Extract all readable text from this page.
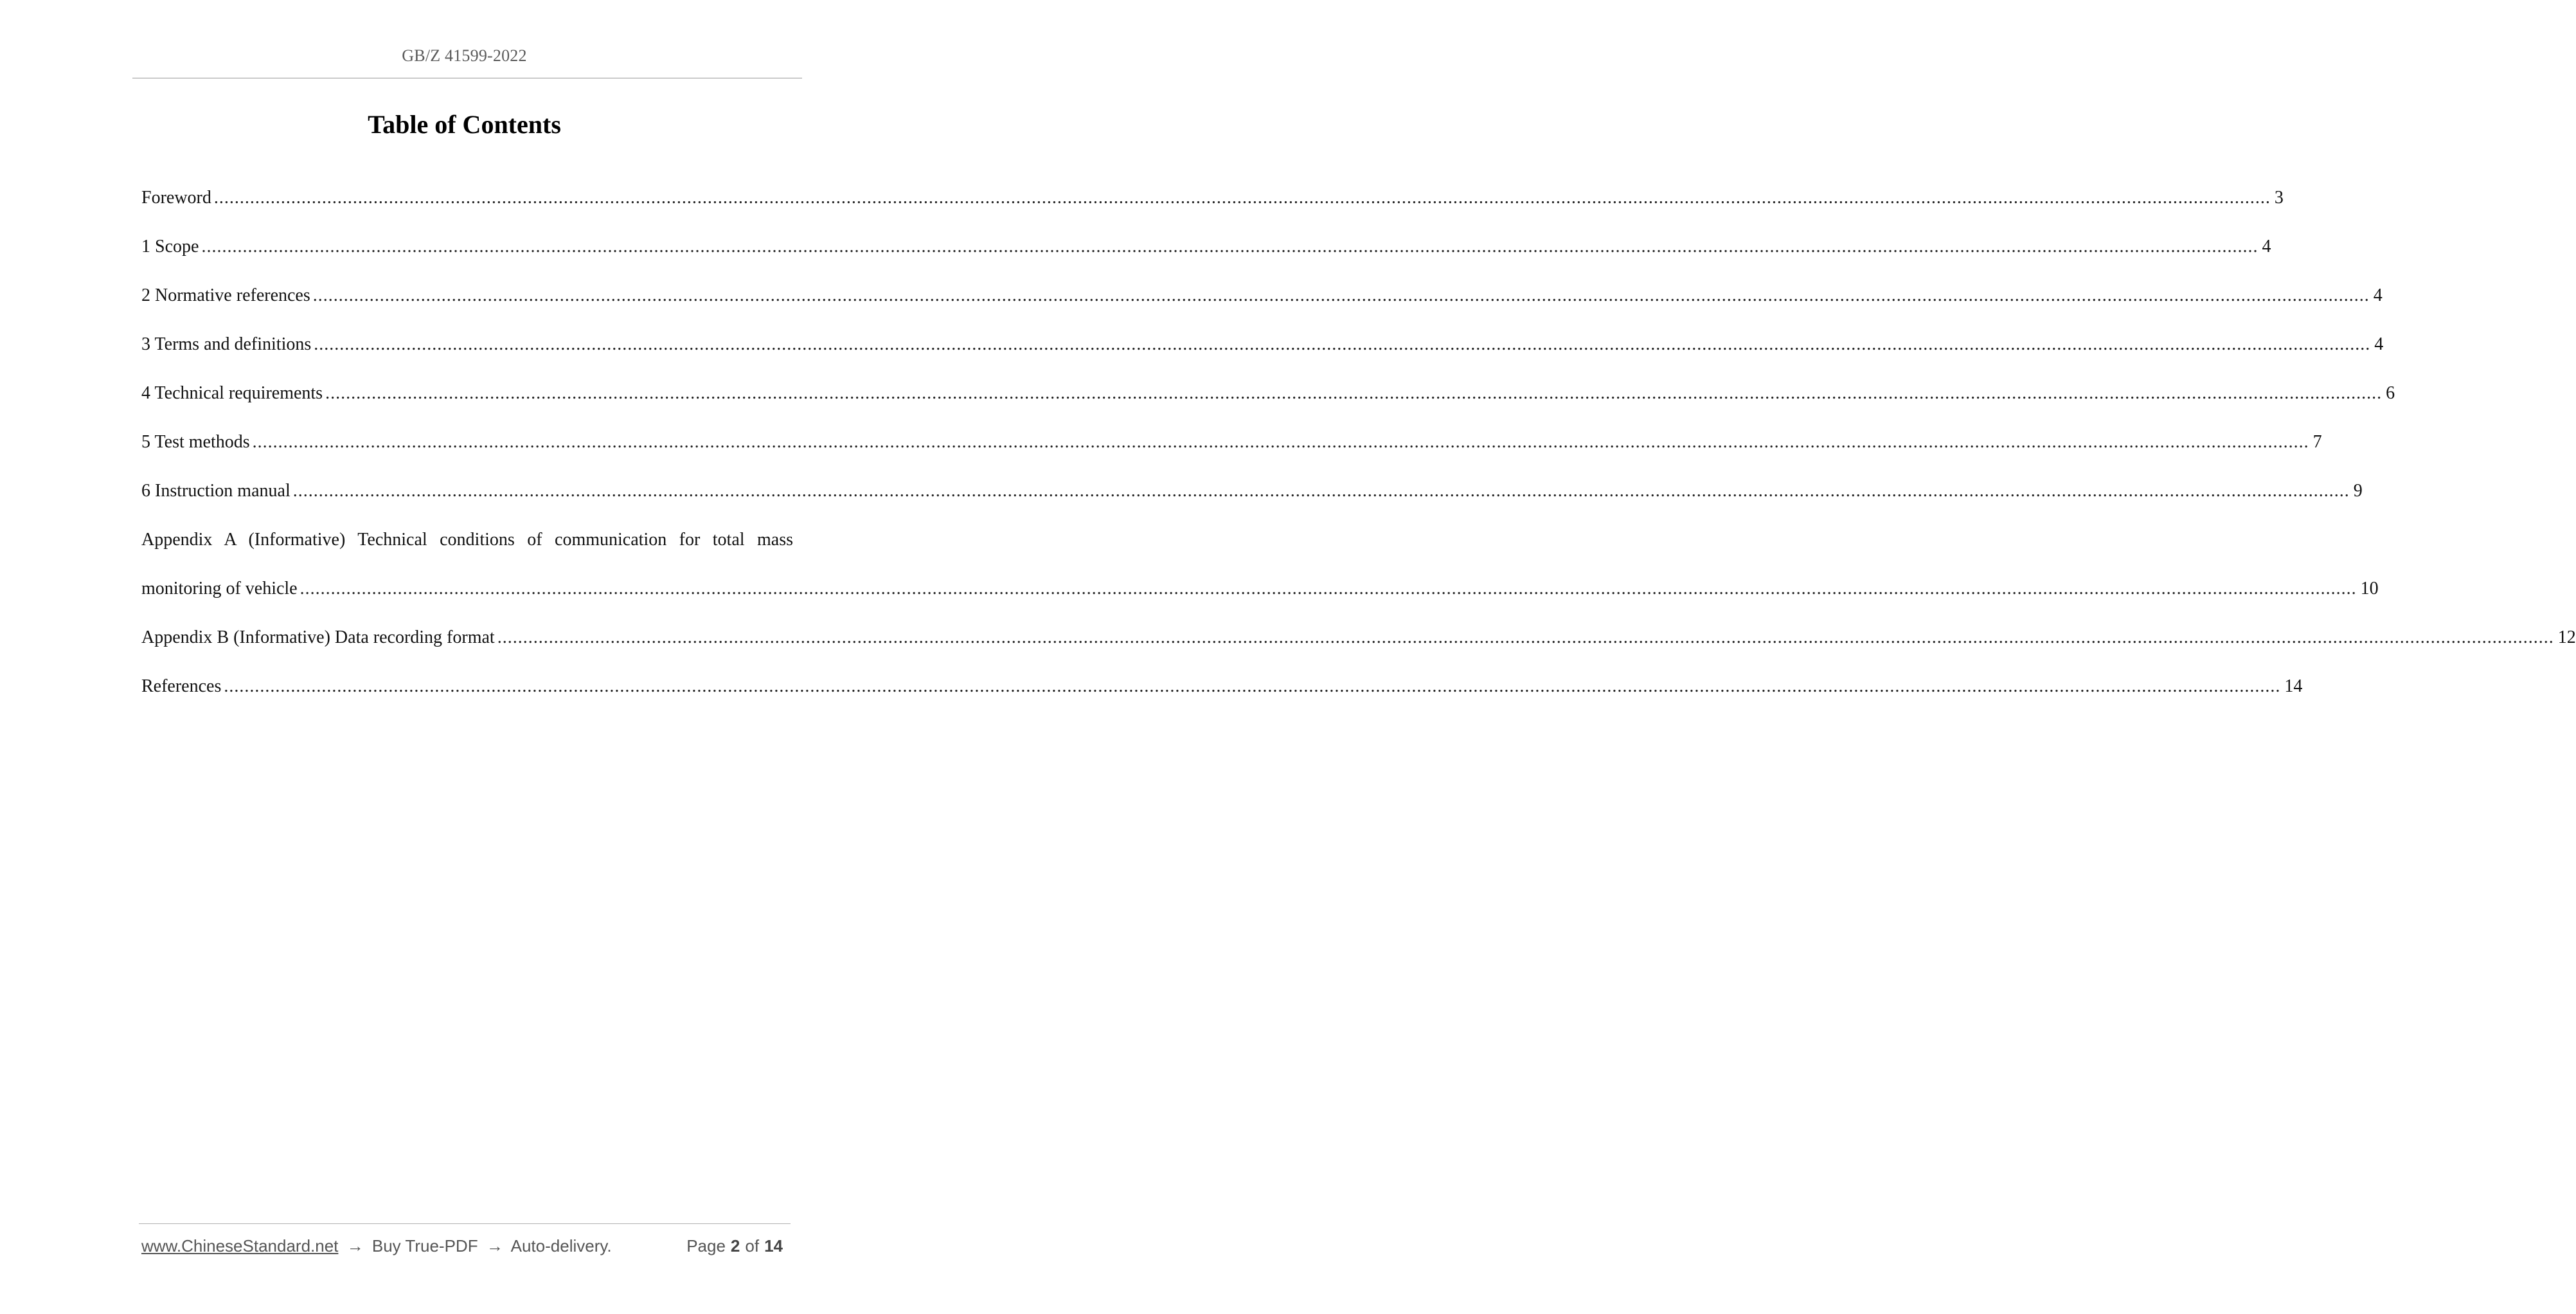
GB/Z 41599-2022
Table of Contents
Foreword ................................................................................................................................................................................................................................................................................................................................................................................................................ 3
1 Scope ................................................................................................................................................................................................................................................................................................................................................................................................................ 4
2 Normative references ................................................................................................................................................................................................................................................................................................................................................................................................................ 4
3 Terms and definitions ................................................................................................................................................................................................................................................................................................................................................................................................................ 4
4 Technical requirements ................................................................................................................................................................................................................................................................................................................................................................................................................ 6
5 Test methods ................................................................................................................................................................................................................................................................................................................................................................................................................ 7
6 Instruction manual ................................................................................................................................................................................................................................................................................................................................................................................................................ 9
Appendix A (Informative) Technical conditions of communication for total mass
monitoring of vehicle ................................................................................................................................................................................................................................................................................................................................................................................................................ 10
Appendix B (Informative) Data recording format ................................................................................................................................................................................................................................................................................................................................................................................................................ 12
References ................................................................................................................................................................................................................................................................................................................................................................................................................ 14
www.ChineseStandard.net → Buy True-PDF → Auto-delivery.	Page 2 of 14
